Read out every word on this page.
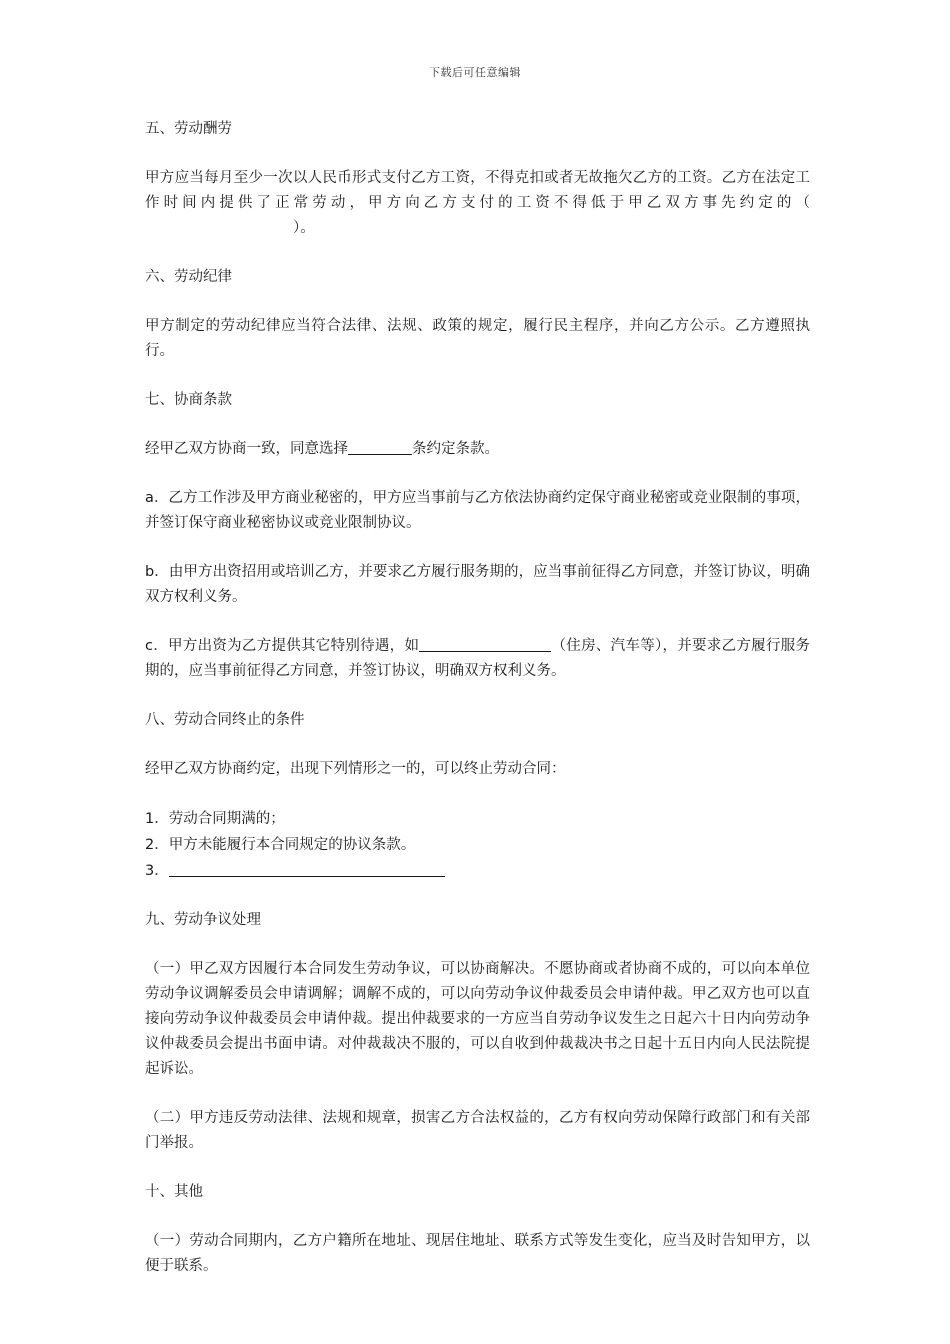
下载后可任意编辑
五、劳动酬劳
甲方应当每月至少一次以人民币形式支付乙方工资，不得克扣或者无故拖欠乙方的工资。乙方在法定工作时间内提供了正常劳动，甲方向乙方支付的工资不得低于甲乙双方事先约定的（）。
六、劳动纪律
甲方制定的劳动纪律应当符合法律、法规、政策的规定，履行民主程序，并向乙方公示。乙方遵照执行。
七、协商条款
经甲乙双方协商一致，同意选择	条约定条款。
a．乙方工作涉及甲方商业秘密的，甲方应当事前与乙方依法协商约定保守商业秘密或竞业限制的事项，并签订保守商业秘密协议或竞业限制协议。
b．由甲方出资招用或培训乙方，并要求乙方履行服务期的，应当事前征得乙方同意，并签订协议，明确双方权利义务。
c．甲方出资为乙方提供其它特别待遇，如	（住房、汽车等），并要求乙方履行服务期的，应当事前征得乙方同意，并签订协议，明确双方权利义务。
八、劳动合同终止的条件
经甲乙双方协商约定，出现下列情形之一的，可以终止劳动合同：
1．劳动合同期满的；
2．甲方未能履行本合同规定的协议条款。
3．
九、劳动争议处理
（一）甲乙双方因履行本合同发生劳动争议，可以协商解决。不愿协商或者协商不成的，可以向本单位劳动争议调解委员会申请调解；调解不成的，可以向劳动争议仲裁委员会申请仲裁。甲乙双方也可以直接向劳动争议仲裁委员会申请仲裁。提出仲裁要求的一方应当自劳动争议发生之日起六十日内向劳动争议仲裁委员会提出书面申请。对仲裁裁决不服的，可以自收到仲裁裁决书之日起十五日内向人民法院提起诉讼。
（二）甲方违反劳动法律、法规和规章，损害乙方合法权益的，乙方有权向劳动保障行政部门和有关部门举报。
十、其他
（一）劳动合同期内，乙方户籍所在地址、现居住地址、联系方式等发生变化，应当及时告知甲方，以便于联系。
